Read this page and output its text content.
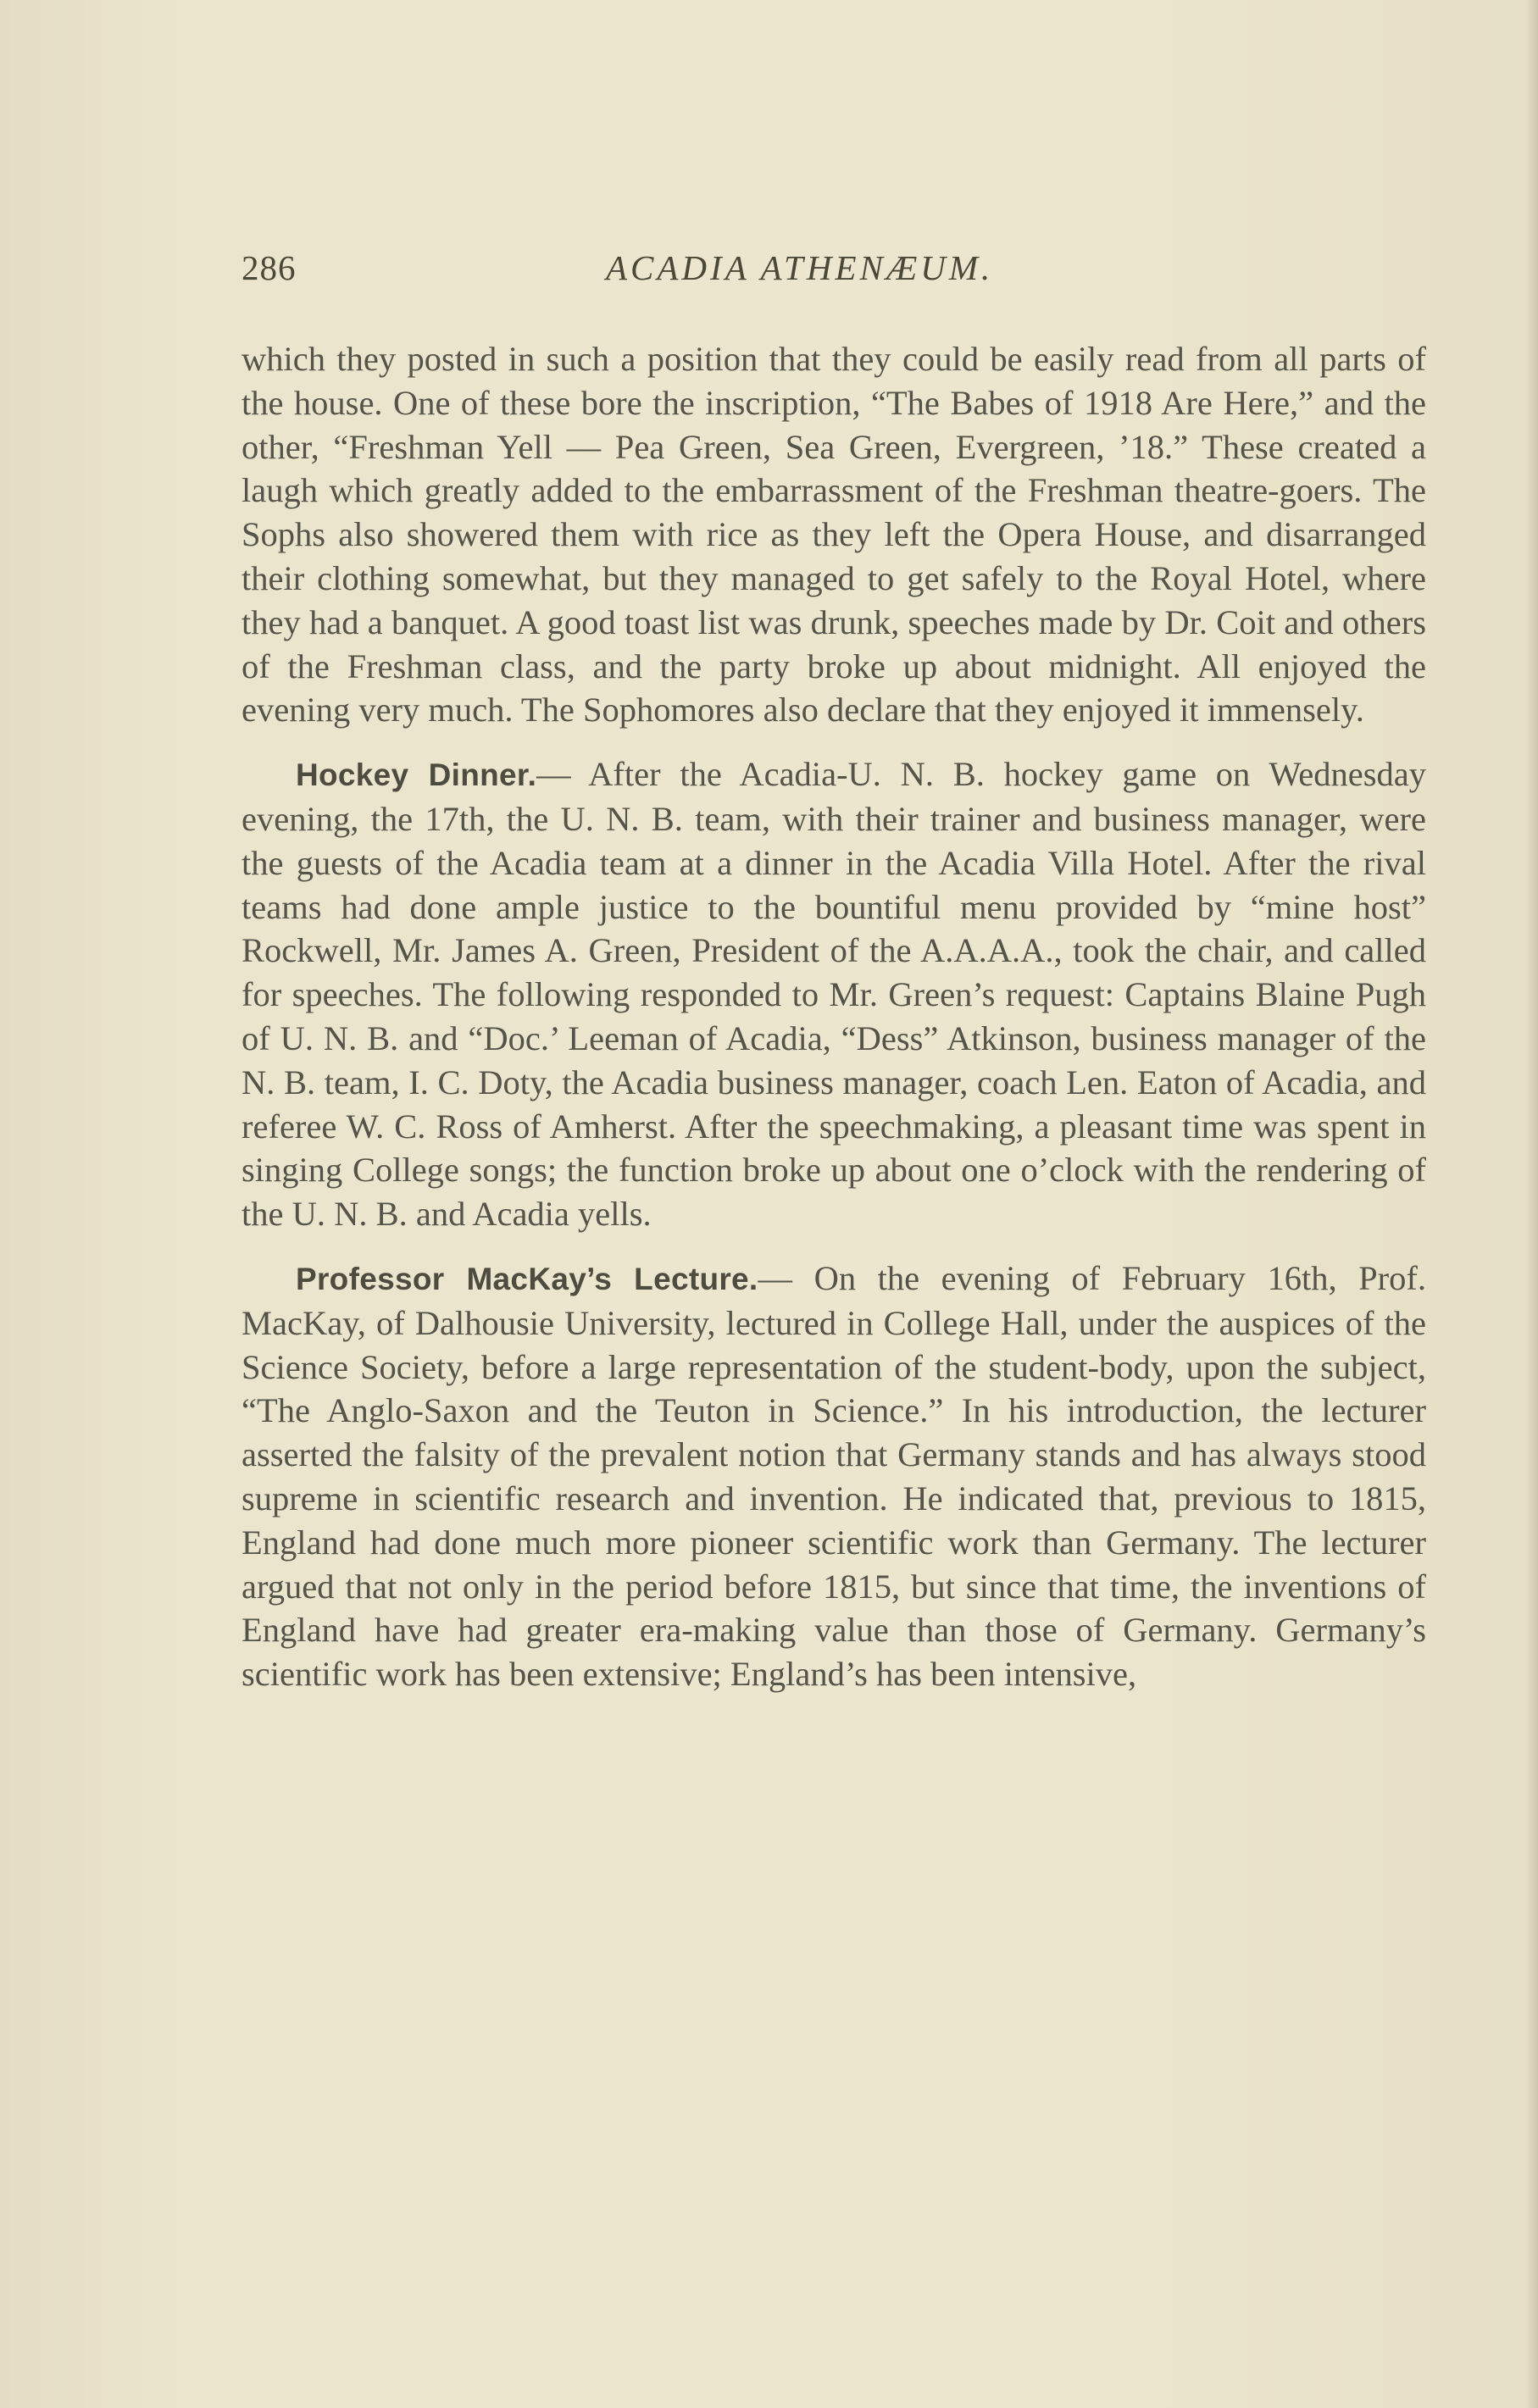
286	ACADIA ATHENÆUM.

which they posted in such a position that they could be easily read from all parts of the house. One of these bore the inscription, “The Babes of 1918 Are Here,” and the other, “Freshman Yell — Pea Green, Sea Green, Evergreen, ’18.” These created a laugh which greatly added to the embarrassment of the Freshman theatre-goers. The Sophs also showered them with rice as they left the Opera House, and disarranged their clothing somewhat, but they managed to get safely to the Royal Hotel, where they had a banquet. A good toast list was drunk, speeches made by Dr. Coit and others of the Freshman class, and the party broke up about midnight. All enjoyed the evening very much. The Sophomores also declare that they enjoyed it immensely.

Hockey Dinner.— After the Acadia-U. N. B. hockey game on Wednesday evening, the 17th, the U. N. B. team, with their trainer and business manager, were the guests of the Acadia team at a dinner in the Acadia Villa Hotel. After the rival teams had done ample justice to the bountiful menu provided by “mine host” Rockwell, Mr. James A. Green, President of the A.A.A.A., took the chair, and called for speeches. The following responded to Mr. Green’s request: Captains Blaine Pugh of U. N. B. and “Doc.’ Leeman of Acadia, “Dess” Atkinson, business manager of the N. B. team, I. C. Doty, the Acadia business manager, coach Len. Eaton of Acadia, and referee W. C. Ross of Amherst. After the speechmaking, a pleasant time was spent in singing College songs; the function broke up about one o’clock with the rendering of the U. N. B. and Acadia yells.

Professor MacKay’s Lecture.— On the evening of February 16th, Prof. MacKay, of Dalhousie University, lectured in College Hall, under the auspices of the Science Society, before a large representation of the student-body, upon the subject, “The Anglo-Saxon and the Teuton in Science.” In his introduction, the lecturer asserted the falsity of the prevalent notion that Germany stands and has always stood supreme in scientific research and invention. He indicated that, previous to 1815, England had done much more pioneer scientific work than Germany. The lecturer argued that not only in the period before 1815, but since that time, the inventions of England have had greater era-making value than those of Germany. Germany’s scientific work has been extensive; England’s has been intensive,
